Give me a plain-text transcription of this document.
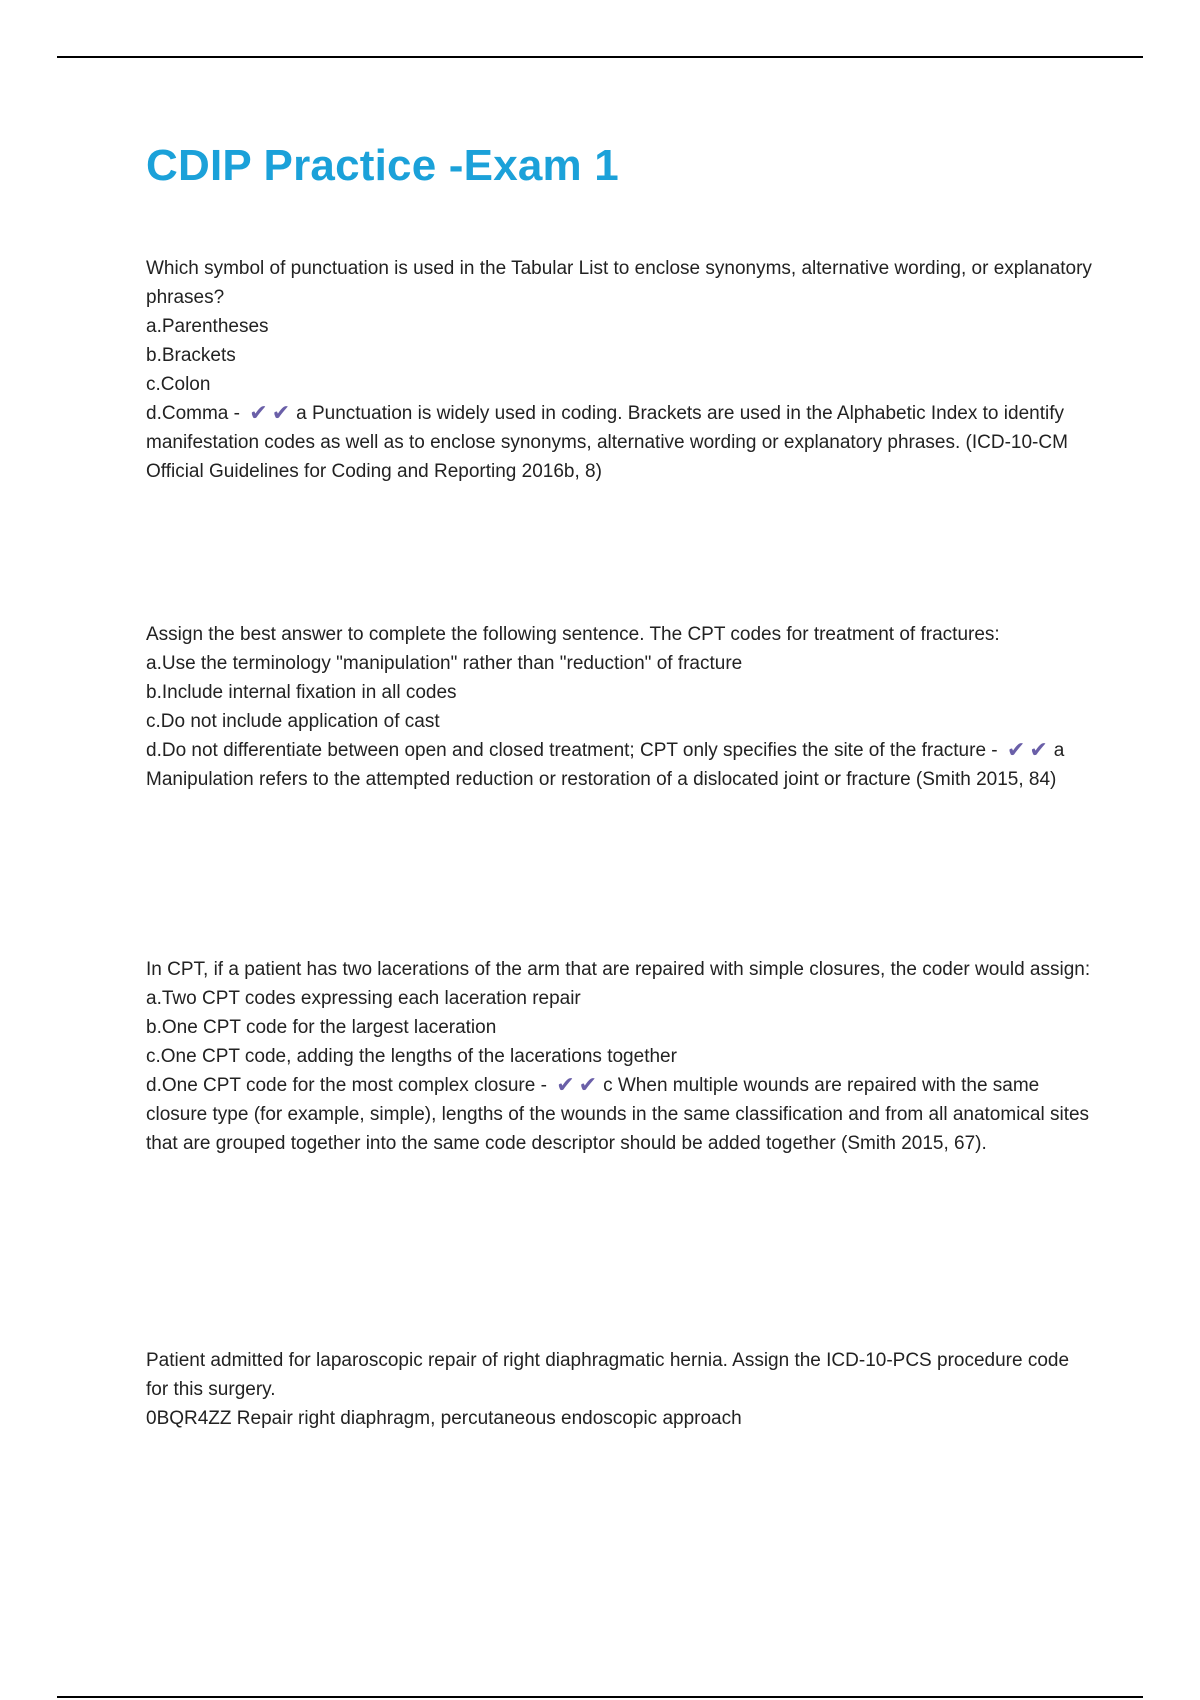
CDIP Practice -Exam 1

Which symbol of punctuation is used in the Tabular List to enclose synonyms, alternative wording, or explanatory phrases?

a.Parentheses

b.Brackets

c.Colon

d.Comma - ✔ ✔ a Punctuation is widely used in coding. Brackets are used in the Alphabetic Index to identify manifestation codes as well as to enclose synonyms, alternative wording or explanatory phrases. (ICD-10-CM Official Guidelines for Coding and Reporting 2016b, 8)

Assign the best answer to complete the following sentence. The CPT codes for treatment of fractures:

a.Use the terminology "manipulation" rather than "reduction" of fracture

b.Include internal fixation in all codes

c.Do not include application of cast

d.Do not differentiate between open and closed treatment; CPT only specifies the site of the fracture - ✔ ✔ a Manipulation refers to the attempted reduction or restoration of a dislocated joint or fracture (Smith 2015, 84)

In CPT, if a patient has two lacerations of the arm that are repaired with simple closures, the coder would assign:

a.Two CPT codes expressing each laceration repair

b.One CPT code for the largest laceration

c.One CPT code, adding the lengths of the lacerations together

d.One CPT code for the most complex closure - ✔ ✔ c When multiple wounds are repaired with the same closure type (for example, simple), lengths of the wounds in the same classification and from all anatomical sites that are grouped together into the same code descriptor should be added together (Smith 2015, 67).

Patient admitted for laparoscopic repair of right diaphragmatic hernia. Assign the ICD-10-PCS procedure code for this surgery.

0BQR4ZZ Repair right diaphragm, percutaneous endoscopic approach
